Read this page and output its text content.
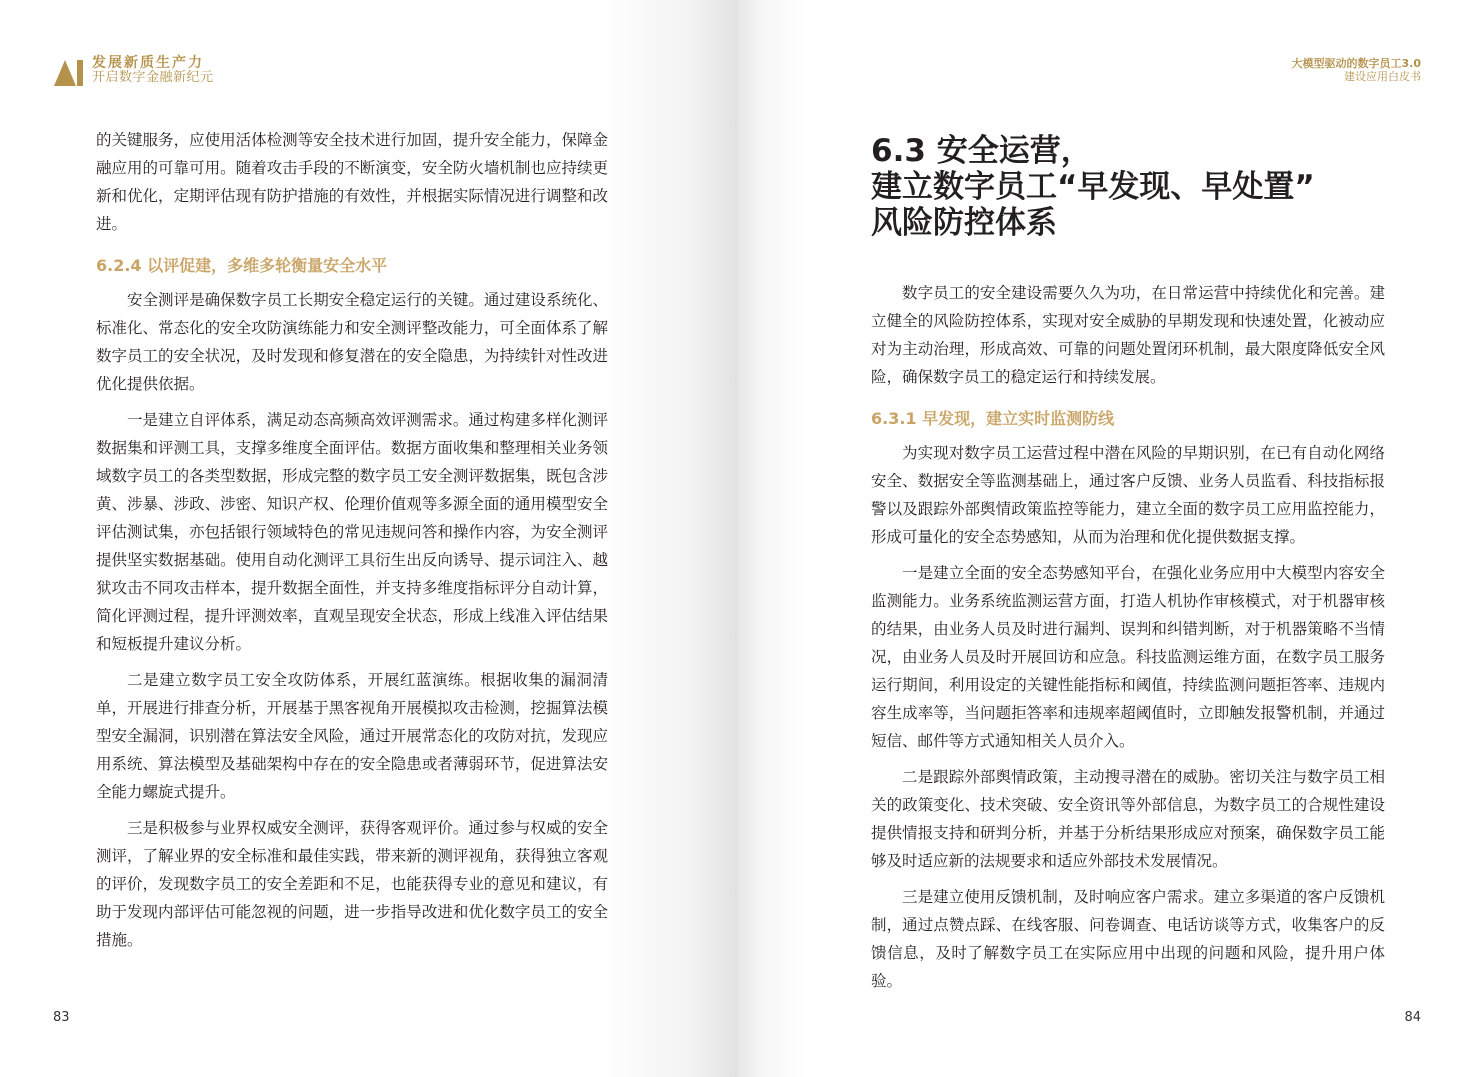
发展新质生产力
开启数字金融新纪元

的关键服务，应使用活体检测等安全技术进行加固，提升安全能力，保障金融应用的可靠可用。随着攻击手段的不断演变，安全防火墙机制也应持续更新和优化，定期评估现有防护措施的有效性，并根据实际情况进行调整和改进。

6.2.4 以评促建，多维多轮衡量安全水平

安全测评是确保数字员工长期安全稳定运行的关键。通过建设系统化、标准化、常态化的安全攻防演练能力和安全测评整改能力，可全面体系了解数字员工的安全状况，及时发现和修复潜在的安全隐患，为持续针对性改进优化提供依据。

一是建立自评体系，满足动态高频高效评测需求。通过构建多样化测评数据集和评测工具，支撑多维度全面评估。数据方面收集和整理相关业务领域数字员工的各类型数据，形成完整的数字员工安全测评数据集，既包含涉黄、涉暴、涉政、涉密、知识产权、伦理价值观等多源全面的通用模型安全评估测试集，亦包括银行领域特色的常见违规问答和操作内容，为安全测评提供坚实数据基础。使用自动化测评工具衍生出反向诱导、提示词注入、越狱攻击不同攻击样本，提升数据全面性，并支持多维度指标评分自动计算，简化评测过程，提升评测效率，直观呈现安全状态，形成上线准入评估结果和短板提升建议分析。

二是建立数字员工安全攻防体系，开展红蓝演练。根据收集的漏洞清单，开展进行排查分析，开展基于黑客视角开展模拟攻击检测，挖掘算法模型安全漏洞，识别潜在算法安全风险，通过开展常态化的攻防对抗，发现应用系统、算法模型及基础架构中存在的安全隐患或者薄弱环节，促进算法安全能力螺旋式提升。

三是积极参与业界权威安全测评，获得客观评价。通过参与权威的安全测评，了解业界的安全标准和最佳实践，带来新的测评视角，获得独立客观的评价，发现数字员工的安全差距和不足，也能获得专业的意见和建议，有助于发现内部评估可能忽视的问题，进一步指导改进和优化数字员工的安全措施。

83
大模型驱动的数字员工3.0
建设应用白皮书
6.3 安全运营，
建立数字员工“早发现、早处置”
风险防控体系

数字员工的安全建设需要久久为功，在日常运营中持续优化和完善。建立健全的风险防控体系，实现对安全威胁的早期发现和快速处置，化被动应对为主动治理，形成高效、可靠的问题处置闭环机制，最大限度降低安全风险，确保数字员工的稳定运行和持续发展。

6.3.1 早发现，建立实时监测防线

为实现对数字员工运营过程中潜在风险的早期识别，在已有自动化网络安全、数据安全等监测基础上，通过客户反馈、业务人员监看、科技指标报警以及跟踪外部舆情政策监控等能力，建立全面的数字员工应用监控能力，形成可量化的安全态势感知，从而为治理和优化提供数据支撑。

一是建立全面的安全态势感知平台，在强化业务应用中大模型内容安全监测能力。业务系统监测运营方面，打造人机协作审核模式，对于机器审核的结果，由业务人员及时进行漏判、误判和纠错判断，对于机器策略不当情况，由业务人员及时开展回访和应急。科技监测运维方面，在数字员工服务运行期间，利用设定的关键性能指标和阈值，持续监测问题拒答率、违规内容生成率等，当问题拒答率和违规率超阈值时，立即触发报警机制，并通过短信、邮件等方式通知相关人员介入。

二是跟踪外部舆情政策，主动搜寻潜在的威胁。密切关注与数字员工相关的政策变化、技术突破、安全资讯等外部信息，为数字员工的合规性建设提供情报支持和研判分析，并基于分析结果形成应对预案，确保数字员工能够及时适应新的法规要求和适应外部技术发展情况。

三是建立使用反馈机制，及时响应客户需求。建立多渠道的客户反馈机制，通过点赞点踩、在线客服、问卷调查、电话访谈等方式，收集客户的反馈信息，及时了解数字员工在实际应用中出现的问题和风险，提升用户体验。

84
